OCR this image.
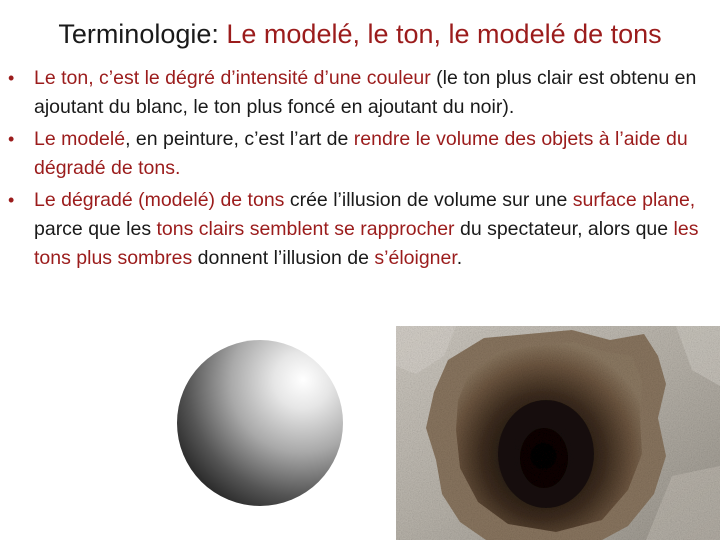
Terminologie: Le modelé, le ton, le modelé de tons
•	Le ton, c’est le dégré d’intensité d’une couleur (le ton plus clair est obtenu en ajoutant du blanc, le ton plus foncé en ajoutant du noir).
•	Le modelé, en peinture, c’est l’art de rendre le volume des objets à l’aide du dégradé de tons.
•	Le dégradé (modelé) de tons crée l’illusion de volume sur une surface plane, parce que les tons clairs semblent se rapprocher du spectateur, alors que les tons plus sombres donnent l’illusion de s’éloigner.
